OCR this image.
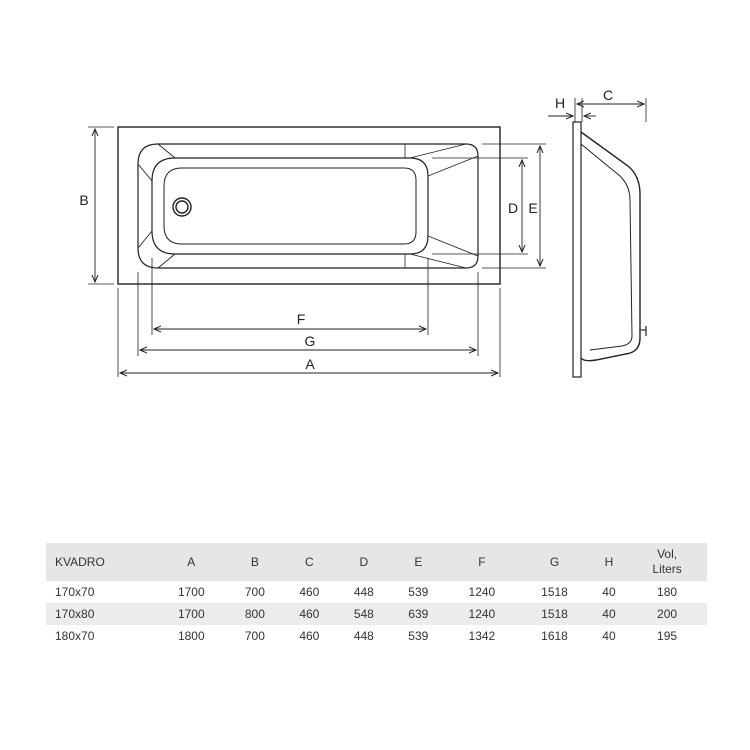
A
G
F
B	D E
H	C
KVADRO	A	B	C	D	E	F	G	H	Vol,
Liters
170x70	1700	700	460	448	539	1240	1518	40	180
170x80	1700	800	460	548	639	1240	1518	40	200
180x70	1800	700	460	448	539	1342	1618	40	195
